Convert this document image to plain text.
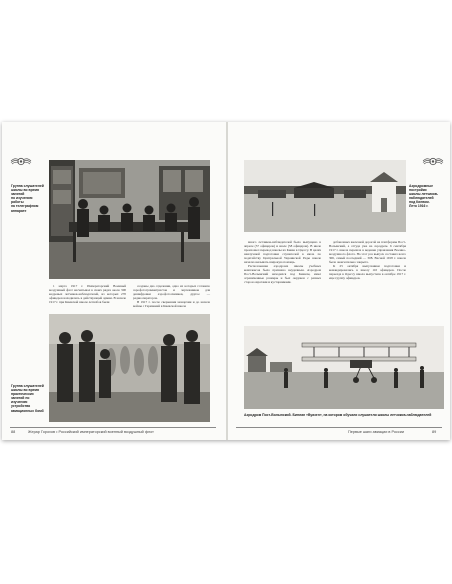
Группа слушателей
школы во время
занятий
по изучению работы
на телеграфном
аппарате

1 марта 1917 г. Императорский Военный воздушный флот насчитывал в своих рядах около 300 кадровых летчиков-наблюдателей, из которых 270 офицеров находились в действующей армии. В начале 1917 г. при Киевской школе летнабов были

созданы два отделения, одно из которых готовило аэрофотограмметристов и чертежников для дешифровки аэрофотоснимков, другое — радиооператоров.

В 1917 г. после свержения монархии и до начала войны с Германией в Киевской школе

Группа слушателей
школы во время
практических
занятий по изучению
устройства
авиационных бомб
88	Жерар Горохов • Российский императорский военный воздушный флот
Аэродромные
постройки
школы летчиков-
наблюдателей
под Киевом.
Лето 1916 г.

много летчиков-наблюдателей было выпущено в апреле (57 офицеров) и июле (58 офицеров). В июле произошел перевод школы из Киева в Одессу. В целях наилучшей подготовки слушателей в июле по ходатайству Центральной Украинской Рады школе начали оказывать широкую помощь.

Расположение аэродрома школы учебных комплексов было признано неудачным. Аэродром Пост-Волынский находился под Киевом, имел ограниченные размеры и был окружен с разных сторон оврагами и кустарниками.

добавочных железной дорогой на платформы Пост-Волынский, а оттуда уже на аэродром. 6 сентября 1917 г. школа перешла в ведение управления Военно-воздушного флота. На этот раз выпуск составил всего 306, самый последний — 308. Весной 1918 г. школа была окончательно закрыта.

К 25 октября выпускники подготовки и командировались в школу 110 офицеров. После переезда в Одессу школа выпустила в октябре 1917 г. еще группу офицеров.

Аэродром Пост-Волынский. Биплан «Вуазен», на котором обучали слушатели школы летчиков-наблюдателей
Первые шаги авиации в России	89
